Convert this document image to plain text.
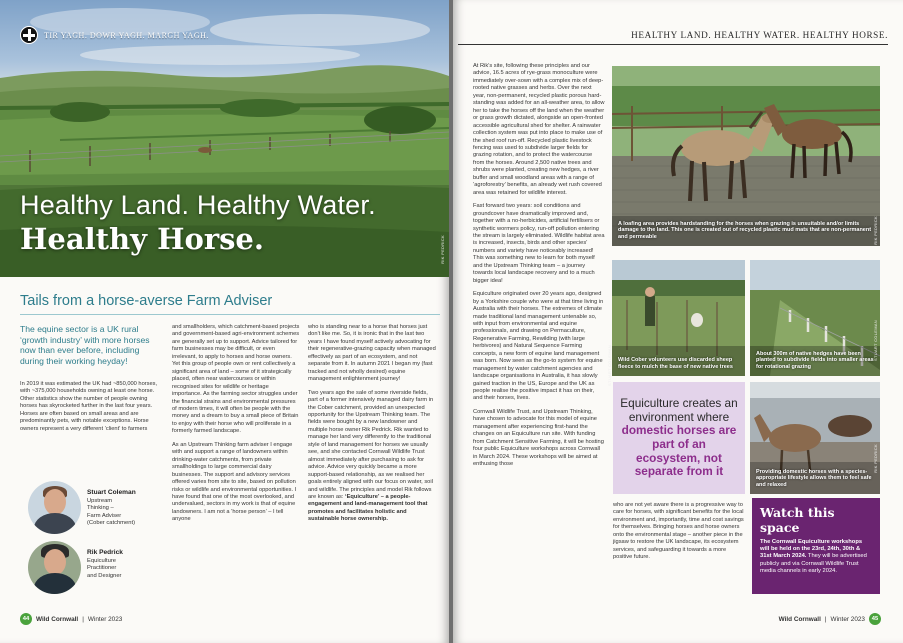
TIR YAGH. DOWR YAGH. MARGH YAGH.
Healthy Land. Healthy Water.
Healthy Horse.	RIK PEDRICK
Tails from a horse-averse Farm Adviser
The equine sector is a UK rural ‘growth industry’ with more horses now than ever before, including during their working heyday!

In 2019 it was estimated the UK had ~850,000 horses, with ~375,000 households owning at least one horse. Other statistics show the number of people owning horses has skyrocketed further in the last four years. Horses are often based on small areas and are predominantly pets, with notable exceptions. Horse owners represent a very different ‘client’ to farmers

Stuart Coleman
Upstream
Thinking –
Farm Adviser
(Cober catchment)
Rik Pedrick
Equiculture
Practitioner
and Designer

and smallholders, which catchment-based projects and government-based agri-environment schemes are generally set up to support. Advice tailored for farm businesses may be difficult, or even irrelevant, to apply to horses and horse owners. Yet this group of people own or rent collectively a significant area of land – some of it strategically placed, often near watercourses or within recognised sites for wildlife or heritage importance. As the farming sector struggles under the financial strains and environmental pressures of modern times, it will often be people with the money and a dream to buy a small piece of Britain to enjoy with their horse who will proliferate in a formerly farmed landscape.

As an Upstream Thinking farm adviser I engage with and support a range of landowners within drinking-water catchments, from private smallholdings to large commercial dairy businesses. The support and advisory services offered varies from site to site, based on pollution risks or wildlife and environmental opportunities. I have found that one of the most overlooked, and undervalued, sectors in my work is that of equine landowners. I am not a ‘horse person’ – I tell anyone

who is standing near to a horse that horses just don’t like me. So, it is ironic that in the last two years I have found myself actively advocating for their regenerative-grazing capacity when managed effectively as part of an ecosystem, and not separate from it. In autumn 2021 I began my (fast tracked and not wholly desired) equine management enlightenment journey!

Two years ago the sale of some riverside fields, part of a former intensively managed dairy farm in the Cober catchment, provided an unexpected opportunity for the Upstream Thinking team. The fields were bought by a new landowner and multiple horse owner Rik Pedrick. Rik wanted to manage her land very differently to the traditional style of land management for horses we usually see, and she contacted Cornwall Wildlife Trust almost immediately after purchasing to ask for advice. Advice very quickly became a more support-based relationship, as we realised her goals entirely aligned with our focus on water, soil and wildlife. The principles and model Rik follows are known as: ‘Equiculture’ – a people-engagement and land-management tool that promotes and facilitates holistic and sustainable horse ownership.

44	Wild Cornwall | Winter 2023
HEALTHY LAND. HEALTHY WATER. HEALTHY HORSE.

At Rik’s site, following these principles and our advice, 16.5 acres of rye-grass monoculture were immediately over-sown with a complex mix of deep-rooted native grasses and herbs. Over the next year, non-permanent, recycled plastic porous hard-standing was added for an all-weather area, to allow her to take the horses off the land when the weather or grass growth dictated, alongside an open-fronted accessible agricultural shed for shelter. A rainwater collection system was put into place to make use of the shed roof run-off. Recycled plastic livestock fencing was used to subdivide larger fields for grazing rotation, and to protect the watercourse from the horses. Around 2,500 native trees and shrubs were planted, creating new hedges, a river buffer and small woodland areas with a range of ‘agroforestry’ benefits, an already wet rush covered area was retained for wildlife interest.

Fast forward two years: soil conditions and groundcover have dramatically improved and, together with a no-herbicides, artificial fertilisers or synthetic wormers policy, run-off pollution entering the stream is largely eliminated. Wildlife habitat area is increased, insects, birds and other species’ numbers and variety have noticeably increased! This was something new to learn for both myself and the Upstream Thinking team – a journey towards local landscape recovery and to a much bigger idea!

Equiculture originated over 20 years ago, designed by a Yorkshire couple who were at that time living in Australia with their horses. The extremes of climate made traditional land management untenable so, with input from environmental and equine professionals, and drawing on Permaculture, Regenerative Farming, Rewilding (with large herbivores) and Natural Sequence Farming concepts, a new form of equine land management was born. Now seen as the go-to system for equine management by water catchment agencies and landscape organisations in Australia, it has slowly gained traction in the US, Europe and the UK as people realise the positive impact it has on their, and their horses, lives.

Cornwall Wildlife Trust, and Upstream Thinking, have chosen to advocate for this model of equine management after experiencing first-hand the changes on an Equiculture run site. With funding from Catchment Sensitive Farming, it will be hosting four public Equiculture workshops across Cornwall in March 2024. These workshops will be aimed at enthusing those

A loafing area provides hardstanding for the horses when grazing is unsuitable and/or limits damage to the land. This one is created out of recycled plastic mud mats that are non-permanent and permeable	RIK PEDRICK
Wild Cober volunteers use discarded sheep fleece to mulch the base of new native trees
STUART COLEMAN	About 300m of native hedges have been planted to subdivide fields into smaller areas for rotational grazing
STUART COLEMAN
Equiculture creates an environment where domestic horses are part of an ecosystem, not separate from it	Providing domestic horses with a species-appropriate lifestyle allows them to feel safe and relaxed
RIK PEDRICK

who are not yet aware there is a progressive way to care for horses, with significant benefits for the local environment and, importantly, time and cost savings for themselves. Bringing horses and horse owners onto the environmental stage – another piece in the jigsaw to restore the UK landscape, its ecosystem services, and safeguarding it towards a more positive future.

Watch this space
The Cornwall Equiculture workshops will be held on the 23rd, 24th, 30th & 31st March 2024. They will be advertised publicly and via Cornwall Wildlife Trust media channels in early 2024.
Wild Cornwall | Winter 2023	45
